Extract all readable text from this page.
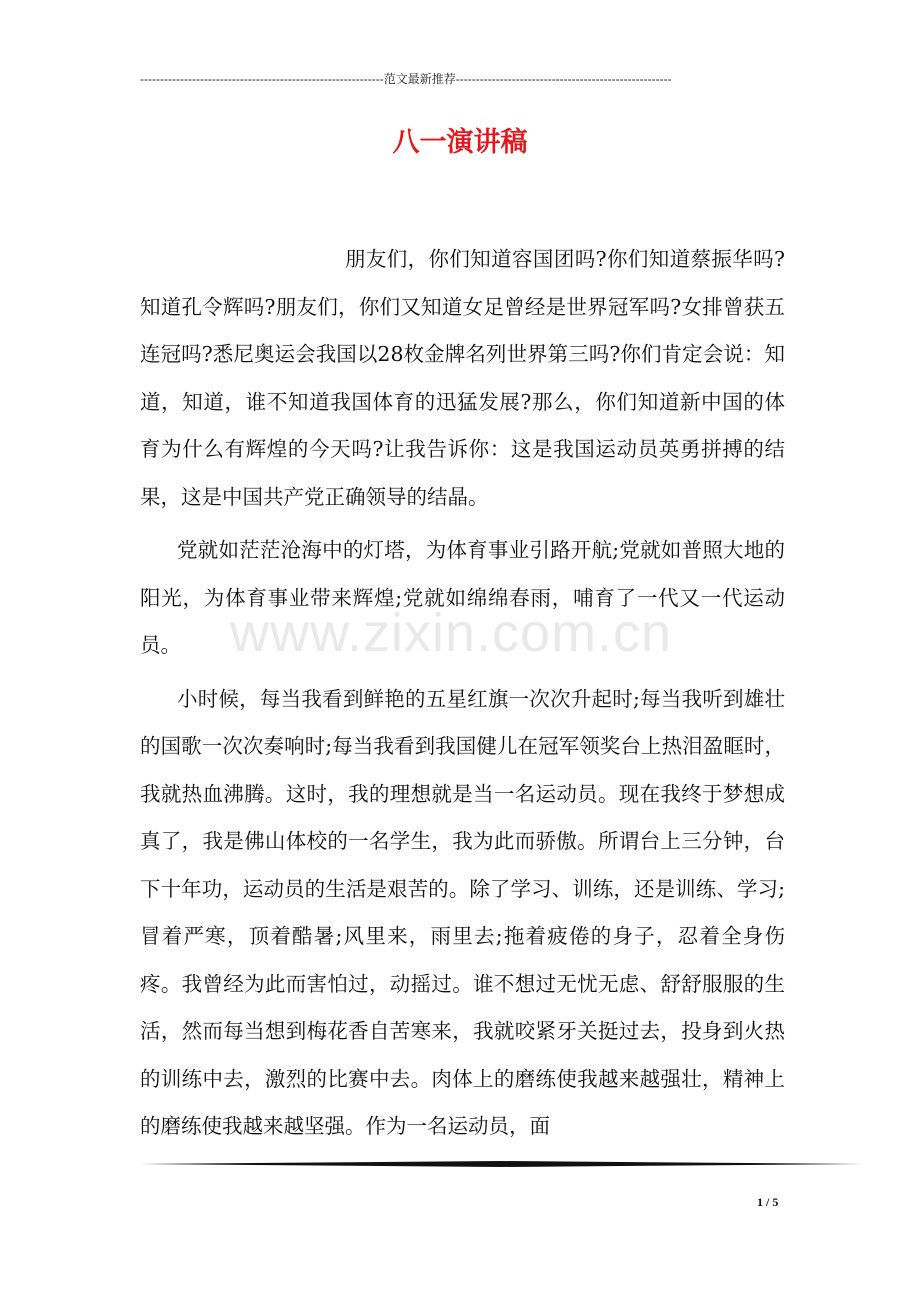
-------------------------------------------------------------范文最新推荐------------------------------------------------------
八一演讲稿

朋友们，你们知道容国团吗?你们知道蔡振华吗?知道孔令辉吗?朋友们，你们又知道女足曾经是世界冠军吗?女排曾获五连冠吗?悉尼奥运会我国以28枚金牌名列世界第三吗?你们肯定会说：知道，知道，谁不知道我国体育的迅猛发展?那么，你们知道新中国的体育为什么有辉煌的今天吗?让我告诉你：这是我国运动员英勇拼搏的结果，这是中国共产党正确领导的结晶。

党就如茫茫沧海中的灯塔，为体育事业引路开航;党就如普照大地的阳光，为体育事业带来辉煌;党就如绵绵春雨，哺育了一代又一代运动员。

小时候，每当我看到鲜艳的五星红旗一次次升起时;每当我听到雄壮的国歌一次次奏响时;每当我看到我国健儿在冠军领奖台上热泪盈眶时，我就热血沸腾。这时，我的理想就是当一名运动员。现在我终于梦想成真了，我是佛山体校的一名学生，我为此而骄傲。所谓台上三分钟，台下十年功，运动员的生活是艰苦的。除了学习、训练，还是训练、学习;冒着严寒，顶着酷暑;风里来，雨里去;拖着疲倦的身子，忍着全身伤疼。我曾经为此而害怕过，动摇过。谁不想过无忧无虑、舒舒服服的生活，然而每当想到梅花香自苦寒来，我就咬紧牙关挺过去，投身到火热的训练中去，激烈的比赛中去。肉体上的磨练使我越来越强壮，精神上的磨练使我越来越坚强。作为一名运动员，面

www.zixin.com.cn
1 / 5
